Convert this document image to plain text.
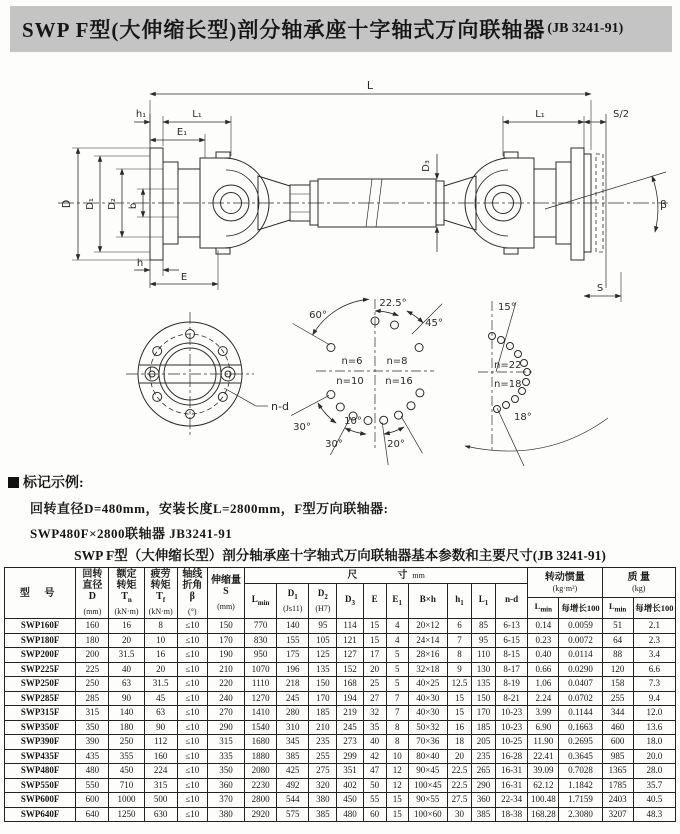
SWP F型(大伸缩长型)剖分轴承座十字轴式万向联轴器 (JB 3241-91)
L
h₁	L₁
E₁
D D₁ D₂ b
h
E
L₁	S/2
S
D₃
β
n-d
22.5°
60°
45°
30°
10°
30°	20°
n=6 n=8
n=10 n=16
15°
n=22
n=18
18°
标记示例:
回转直径D=480mm，安装长度L=2800mm，F型万向联轴器:
SWP480F×2800联轴器 JB3241-91
SWP F型（大伸缩长型）剖分轴承座十字轴式万向联轴器基本参数和主要尺寸(JB 3241-91)
型 号	
回转
直径
D
(mm)

额定
转矩
$T_n$
(kN·m)

疲劳
转矩
$T_f$
(kN·m)

轴线
折角
β
(°)

伸缩量
S
(mm)
	尺　　　　寸 mm	转动惯量
(kg·m²)

质 量
(kg)

$L_{min}$	
$D_1$
(Js11)

$D_2$
(H7)
	$D_3$	E	$E_1$	B×h	$h_1$	$L_1$	n-d
																$L_{min}$	每增长100	$L_{min}$	每增长100
SWP160F	160	16	8	≤10	150	770	140	95	114	15	4	20×12	6	85	6-13	0.14	0.0059	51	2.1
SWP180F	180	20	10	≤10	170	830	155	105	121	15	4	24×14	7	95	6-15	0.23	0.0072	64	2.3
SWP200F	200	31.5	16	≤10	190	950	175	125	127	17	5	28×16	8	110	8-15	0.40	0.0114	88	3.4
SWP225F	225	40	20	≤10	210	1070	196	135	152	20	5	32×18	9	130	8-17	0.66	0.0290	120	6.6
SWP250F	250	63	31.5	≤10	220	1110	218	150	168	25	5	40×25	12.5	135	8-19	1.06	0.0407	158	7.3
SWP285F	285	90	45	≤10	240	1270	245	170	194	27	7	40×30	15	150	8-21	2.24	0.0702	255	9.4
SWP315F	315	140	63	≤10	270	1410	280	185	219	32	7	40×30	15	170	10-23	3.99	0.1144	344	12.0
SWP350F	350	180	90	≤10	290	1540	310	210	245	35	8	50×32	16	185	10-23	6.90	0.1663	460	13.6
SWP390F	390	250	112	≤10	315	1680	345	235	273	40	8	70×36	18	205	10-25	11.90	0.2695	600	18.0
SWP435F	435	355	160	≤10	335	1880	385	255	299	42	10	80×40	20	235	16-28	22.41	0.3645	985	20.0
SWP480F	480	450	224	≤10	350	2080	425	275	351	47	12	90×45	22.5	265	16-31	39.09	0.7028	1365	28.0
SWP550F	550	710	315	≤10	360	2230	492	320	402	50	12	100×45	22.5	290	16-31	62.12	1.1842	1785	35.7
SWP600F	600	1000	500	≤10	370	2800	544	380	450	55	15	90×55	27.5	360	22-34	100.48	1.7159	2403	40.5
SWP640F	640	1250	630	≤10	380	2920	575	385	480	60	15	100×60	30	385	18-38	168.28	2.3080	3207	48.3
